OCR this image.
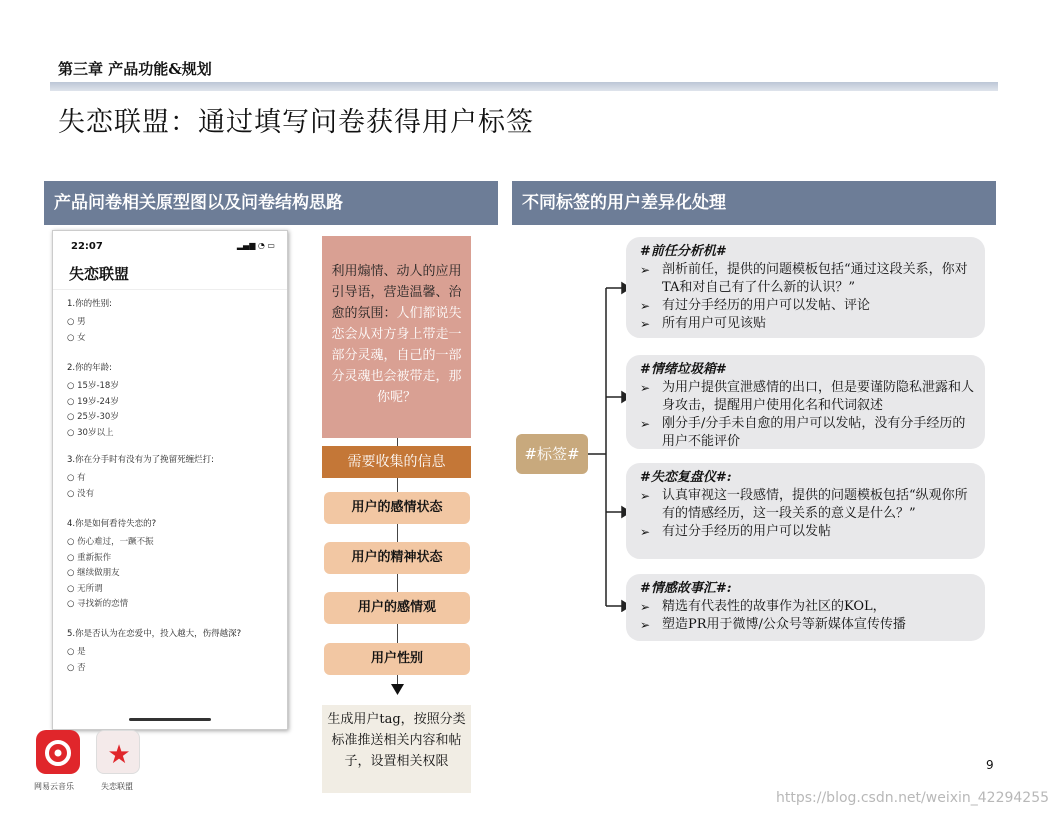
第三章 产品功能&规划
失恋联盟：通过填写问卷获得用户标签
产品问卷相关原型图以及问卷结构思路	不同标签的用户差异化处理
22:07	▂▄▆ ◔ ▭
失恋联盟
1.你的性别:
○ 男
○ 女
2.你的年龄:
○ 15岁-18岁
○ 19岁-24岁
○ 25岁-30岁
○ 30岁以上
3.你在分手时有没有为了挽留死缠烂打:
○ 有
○ 没有
4.你是如何看待失恋的?
○ 伤心难过，一蹶不振
○ 重新振作
○ 继续做朋友
○ 无所谓
○ 寻找新的恋情
5.你是否认为在恋爱中，投入越大，伤得越深?
○ 是
○ 否
利用煽情、动人的应用引导语，营造温馨、治愈的氛围：人们都说失恋会从对方身上带走一部分灵魂，自己的一部分灵魂也会被带走，那你呢？
需要收集的信息
用户的感情状态
用户的精神状态
用户的感情观
用户性别
生成用户tag，按照分类标准推送相关内容和帖子，设置相关权限
#标签#
#前任分析机#
➢ 剖析前任，提供的问题模板包括“通过这段关系，你对TA和对自己有了什么新的认识？”
➢ 有过分手经历的用户可以发帖、评论
➢ 所有用户可见该贴
#情绪垃圾箱#
➢ 为用户提供宣泄感情的出口，但是要谨防隐私泄露和人身攻击，提醒用户使用化名和代词叙述
➢ 刚分手/分手未自愈的用户可以发帖，没有分手经历的用户不能评价
#失恋复盘仪#:
➢ 认真审视这一段感情，提供的问题模板包括“纵观你所有的情感经历，这一段关系的意义是什么？”
➢ 有过分手经历的用户可以发帖
#情感故事汇#:
➢ 精选有代表性的故事作为社区的KOL，
➢ 塑造PR用于微博/公众号等新媒体宣传传播
网易云音乐
★
失恋联盟
9
https://blog.csdn.net/weixin_42294255
